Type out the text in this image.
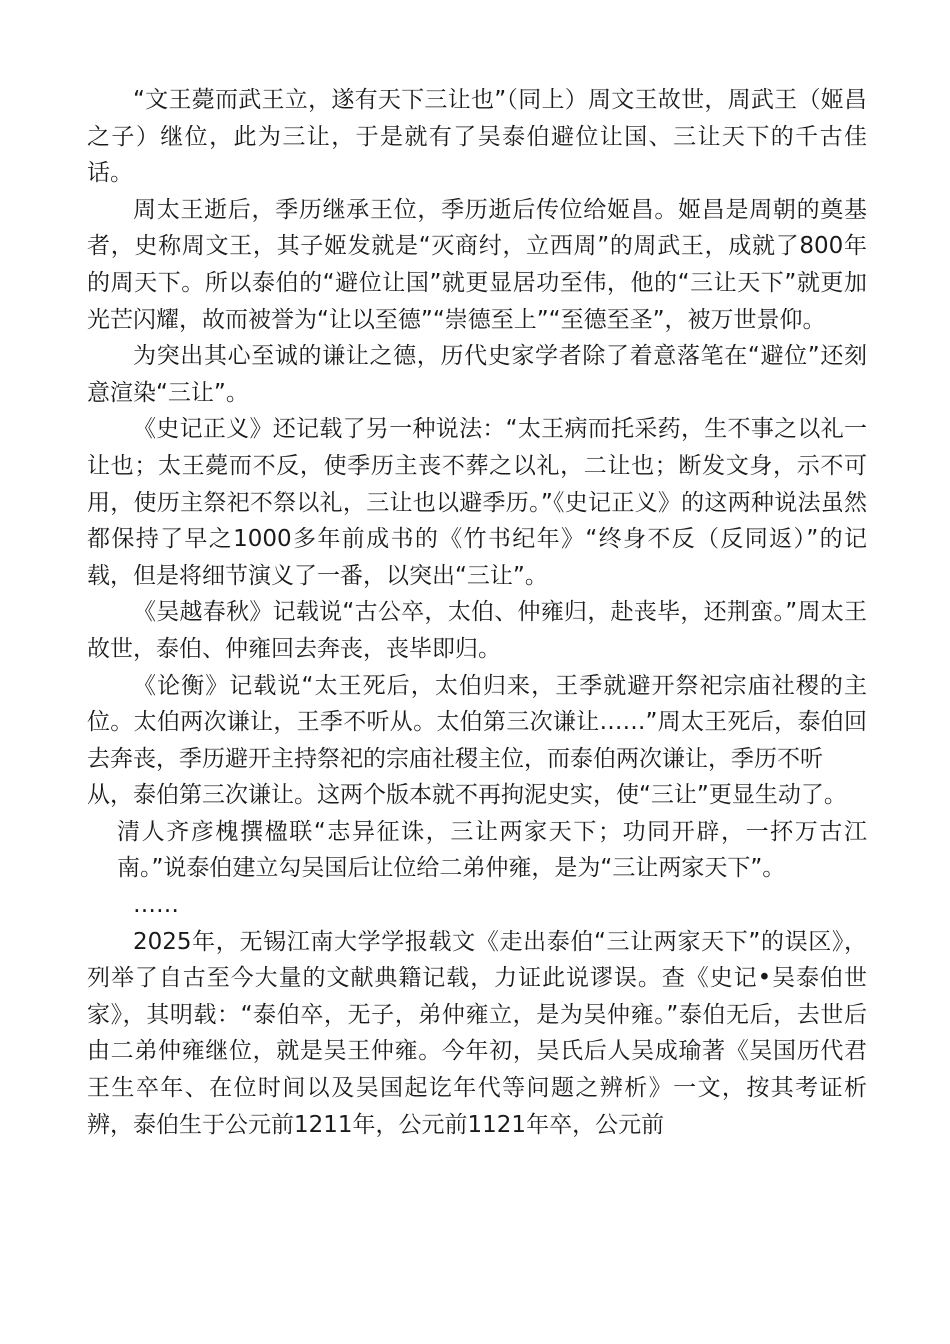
“文王薨而武王立，遂有天下三让也”（同上）周文王故世，周武王（姬昌之子）继位，此为三让，于是就有了吴泰伯避位让国、三让天下的千古佳话。

周太王逝后，季历继承王位，季历逝后传位给姬昌。姬昌是周朝的奠基者，史称周文王，其子姬发就是“灭商纣，立西周”的周武王，成就了800年的周天下。所以泰伯的“避位让国”就更显居功至伟，他的“三让天下”就更加光芒闪耀，故而被誉为“让以至德”“崇德至上”“至德至圣”，被万世景仰。

为突出其心至诚的谦让之德，历代史家学者除了着意落笔在“避位”还刻意渲染“三让”。

《史记正义》还记载了另一种说法：“太王病而托采药，生不事之以礼一让也；太王薨而不反，使季历主丧不葬之以礼，二让也；断发文身，示不可用，使历主祭祀不祭以礼，三让也以避季历。”《史记正义》的这两种说法虽然都保持了早之1000多年前成书的《竹书纪年》“终身不反（反同返）”的记载，但是将细节演义了一番，以突出“三让”。

《吴越春秋》记载说“古公卒，太伯、仲雍归，赴丧毕，还荆蛮。”周太王故世，泰伯、仲雍回去奔丧，丧毕即归。

《论衡》记载说“太王死后，太伯归来，王季就避开祭祀宗庙社稷的主位。太伯两次谦让，王季不听从。太伯第三次谦让……”周太王死后，泰伯回去奔丧，季历避开主持祭祀的宗庙社稷主位，而泰伯两次谦让，季历不听
从，泰伯第三次谦让。这两个版本就不再拘泥史实，使“三让”更显生动了。

清人齐彦槐撰楹联“志异征诛，三让两家天下；功同开辟，一抔万古江南。”说泰伯建立勾吴国后让位给二弟仲雍，是为“三让两家天下”。

……

2025年，无锡江南大学学报载文《走出泰伯“三让两家天下”的误区》，列举了自古至今大量的文献典籍记载，力证此说谬误。查《史记•吴泰伯世家》，其明载：“泰伯卒，无子，弟仲雍立，是为吴仲雍。”泰伯无后，去世后由二弟仲雍继位，就是吴王仲雍。今年初，吴氏后人吴成瑜著《吴国历代君王生卒年、在位时间以及吴国起讫年代等问题之辨析》一文，按其考证析辨，泰伯生于公元前1211年，公元前1121年卒，公元前
